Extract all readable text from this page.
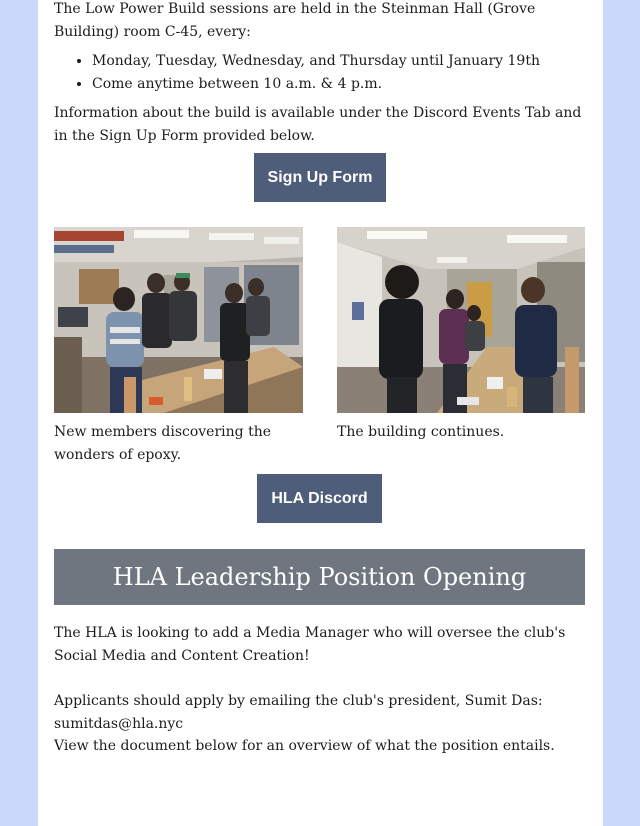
The Low Power Build sessions are held in the Steinman Hall (Grove Building) room C-45, every:

• Monday, Tuesday, Wednesday, and Thursday until January 19th
• Come anytime between 10 a.m. & 4 p.m.

Information about the build is available under the Discord Events Tab and in the Sign Up Form provided below.

Sign Up Form

New members discovering the wonders of epoxy.

The building continues.

HLA Discord
HLA Leadership Position Opening

The HLA is looking to add a Media Manager who will oversee the club's Social Media and Content Creation!

Applicants should apply by emailing the club's president, Sumit Das: sumitdas@hla.nyc

View the document below for an overview of what the position entails.
